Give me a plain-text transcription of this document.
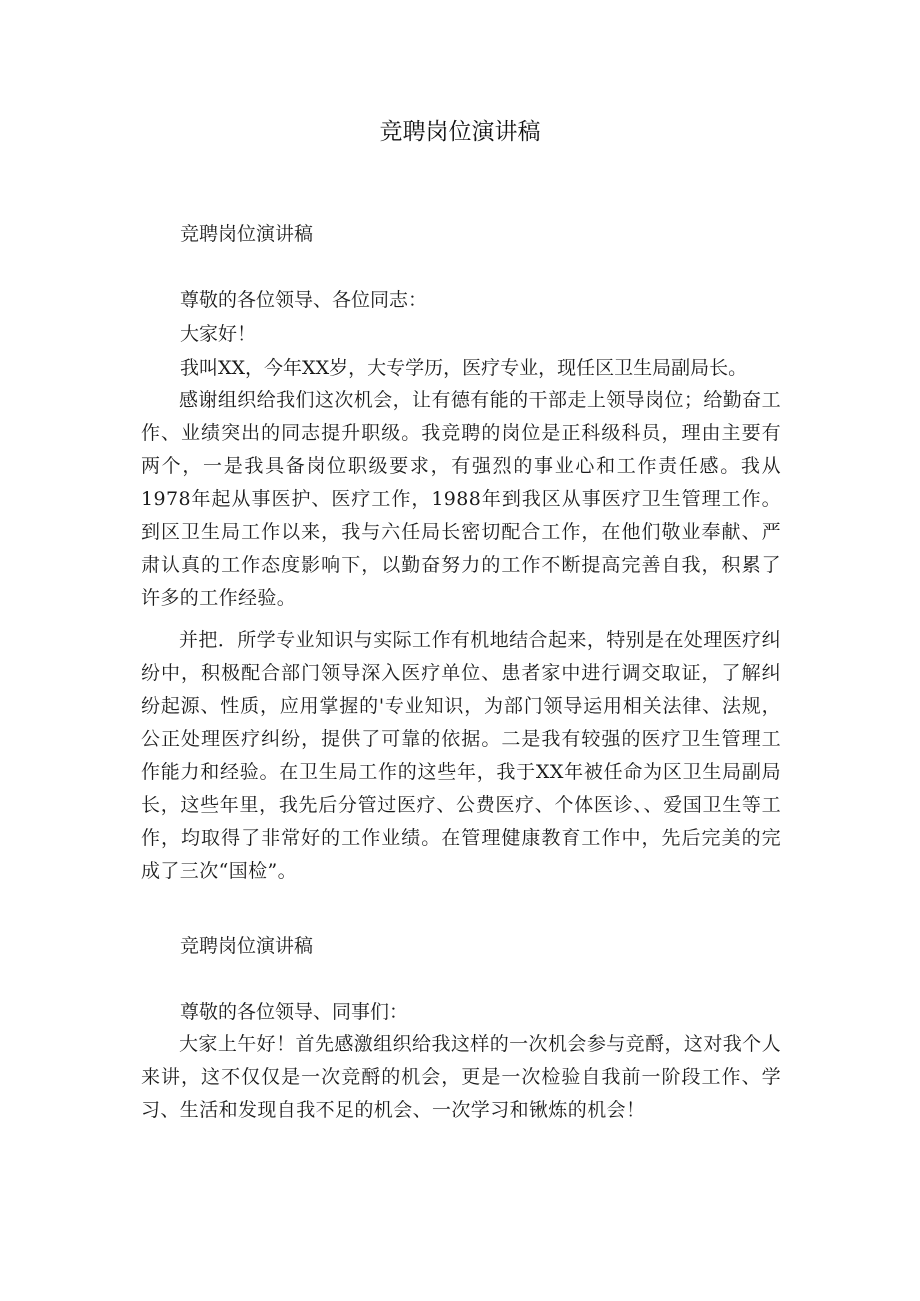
竞聘岗位演讲稿
竞聘岗位演讲稿
尊敬的各位领导、各位同志：
大家好！
我叫XX，今年XX岁，大专学历，医疗专业，现任区卫生局副局长。
感谢组织给我们这次机会，让有德有能的干部走上领导岗位；给勤奋工作、业绩突出的同志提升职级。我竞聘的岗位是正科级科员，理由主要有两个，一是我具备岗位职级要求，有强烈的事业心和工作责任感。我从1978年起从事医护、医疗工作，1988年到我区从事医疗卫生管理工作。到区卫生局工作以来，我与六任局长密切配合工作，在他们敬业奉献、严肃认真的工作态度影响下，以勤奋努力的工作不断提高完善自我，积累了许多的工作经验。
并把．所学专业知识与实际工作有机地结合起来，特别是在处理医疗纠纷中，积极配合部门领导深入医疗单位、患者家中进行调交取证，了解纠纷起源、性质，应用掌握的'专业知识，为部门领导运用相关法律、法规，公正处理医疗纠纷，提供了可靠的依据。二是我有较强的医疗卫生管理工作能力和经验。在卫生局工作的这些年，我于XX年被任命为区卫生局副局长，这些年里，我先后分管过医疗、公费医疗、个体医诊、、爱国卫生等工作，均取得了非常好的工作业绩。在管理健康教育工作中，先后完美的完成了三次“国检”。
竞聘岗位演讲稿
尊敬的各位领导、同事们：
大家上午好！首先感激组织给我这样的一次机会参与竞酹，这对我个人来讲，这不仅仅是一次竞酹的机会，更是一次检验自我前一阶段工作、学习、生活和发现自我不足的机会、一次学习和锹炼的机会！
